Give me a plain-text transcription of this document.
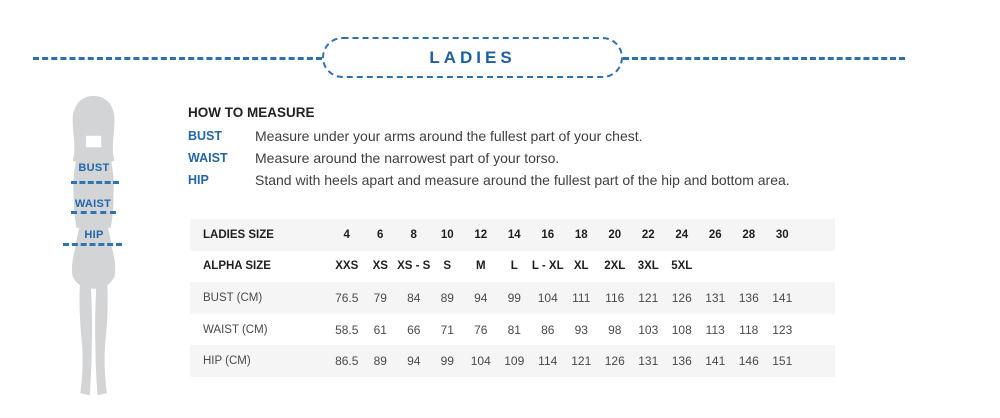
LADIES
BUST
WAIST
HIP
HOW TO MEASURE
BUST Measure under your arms around the fullest part of your chest.
WAIST Measure around the narrowest part of your torso.
HIP	Stand with heels apart and measure around the fullest part of the hip and bottom area.
LADIES SIZE	4	6	8	10	12	14	16	18	20	22	24	26	28	30	
ALPHA SIZE	XXS	XS	XS - S	S	M	L	L - XL	XL	2XL	3XL	5XL				
BUST (CM)	76.5	79	84	89	94	99	104	111	116	121	126	131	136	141	
WAIST (CM)	58.5	61	66	71	76	81	86	93	98	103	108	113	118	123	
HIP (CM)	86.5	89	94	99	104	109	114	121	126	131	136	141	146	151	
